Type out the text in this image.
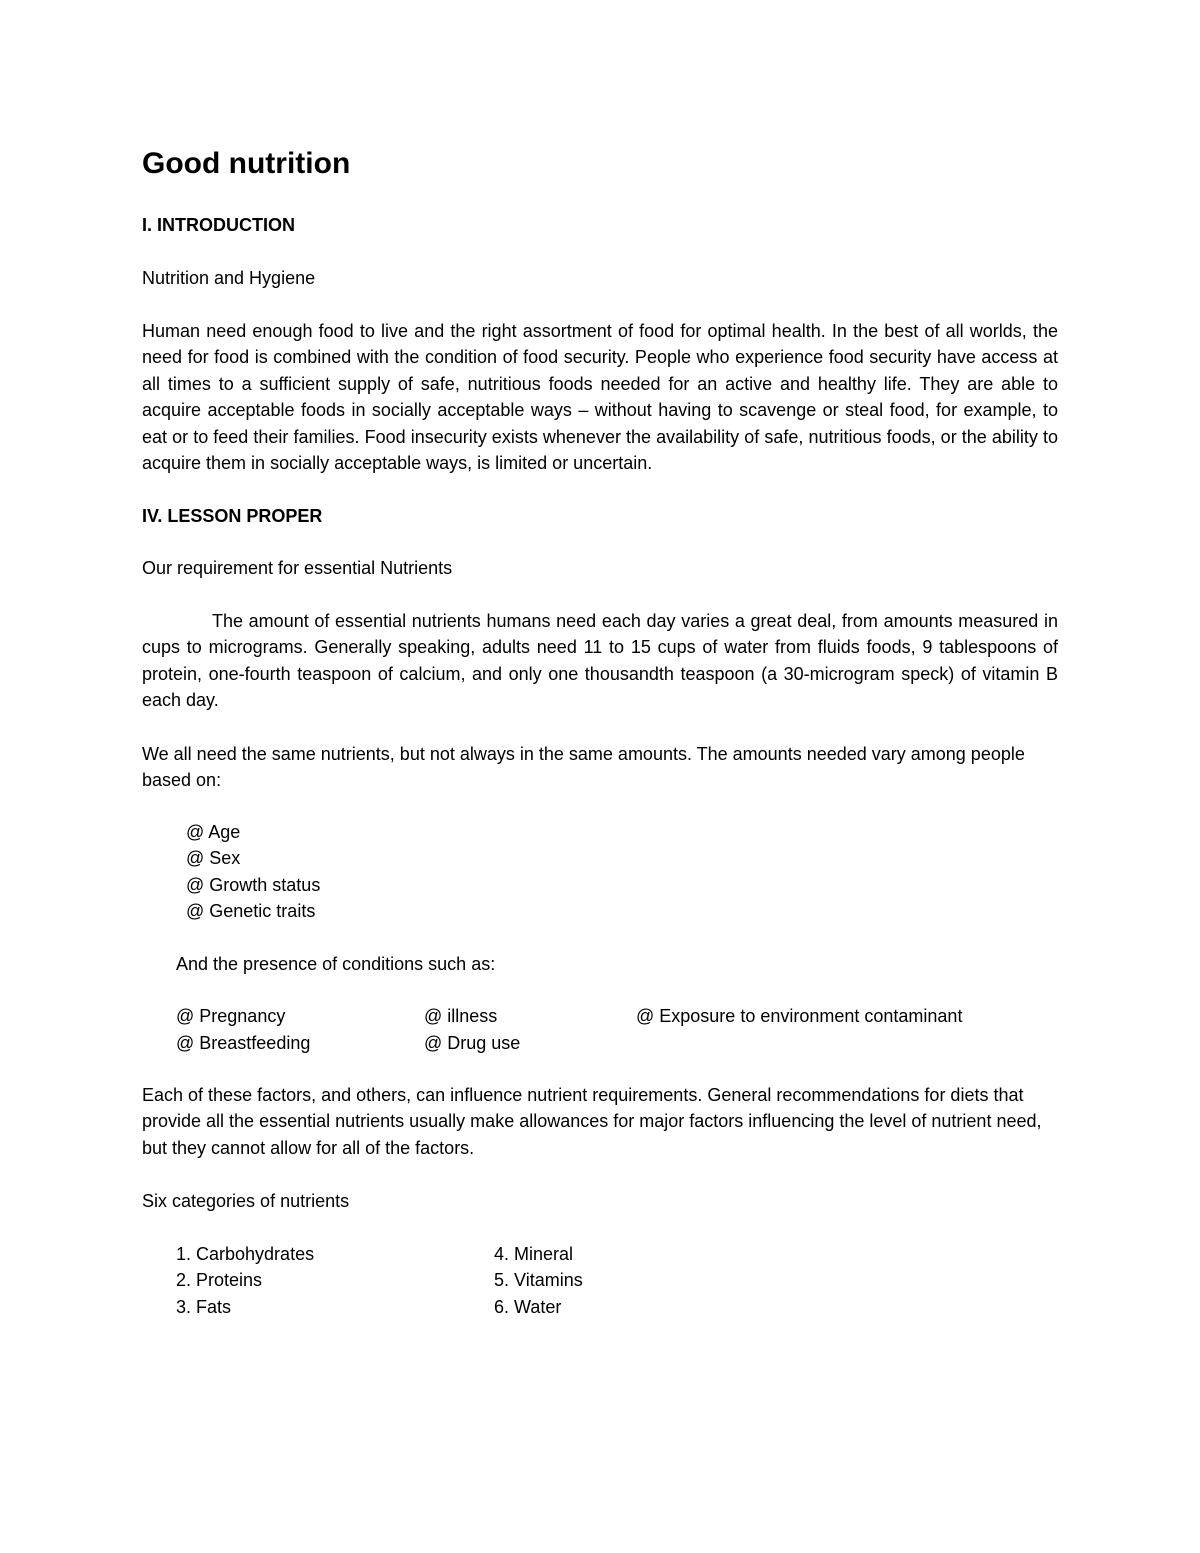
Good nutrition
I. INTRODUCTION
Nutrition and Hygiene

Human need enough food to live and the right assortment of food for optimal health. In the best of all worlds, the need for food is combined with the condition of food security. People who experience food security have access at all times to a sufficient supply of safe, nutritious foods needed for an active and healthy life. They are able to acquire acceptable foods in socially acceptable ways – without having to scavenge or steal food, for example, to eat or to feed their families. Food insecurity exists whenever the availability of safe, nutritious foods, or the ability to acquire them in socially acceptable ways, is limited or uncertain.

IV. LESSON PROPER
Our requirement for essential Nutrients

The amount of essential nutrients humans need each day varies a great deal, from amounts measured in cups to micrograms. Generally speaking, adults need 11 to 15 cups of water from fluids foods, 9 tablespoons of protein, one-fourth teaspoon of calcium, and only one thousandth teaspoon (a 30-microgram speck) of vitamin B each day.

We all need the same nutrients, but not always in the same amounts. The amounts needed vary among people based on:

@ Age
@ Sex
@ Growth status
@ Genetic traits
And the presence of conditions such as:
@ Pregnancy	@ illness	@ Exposure to environment contaminant
@ Breastfeeding	@ Drug use

Each of these factors, and others, can influence nutrient requirements. General recommendations for diets that provide all the essential nutrients usually make allowances for major factors influencing the level of nutrient need, but they cannot allow for all of the factors.

Six categories of nutrients
1. Carbohydrates
2. Proteins
3. Fats
4. Mineral
5. Vitamins
6. Water
